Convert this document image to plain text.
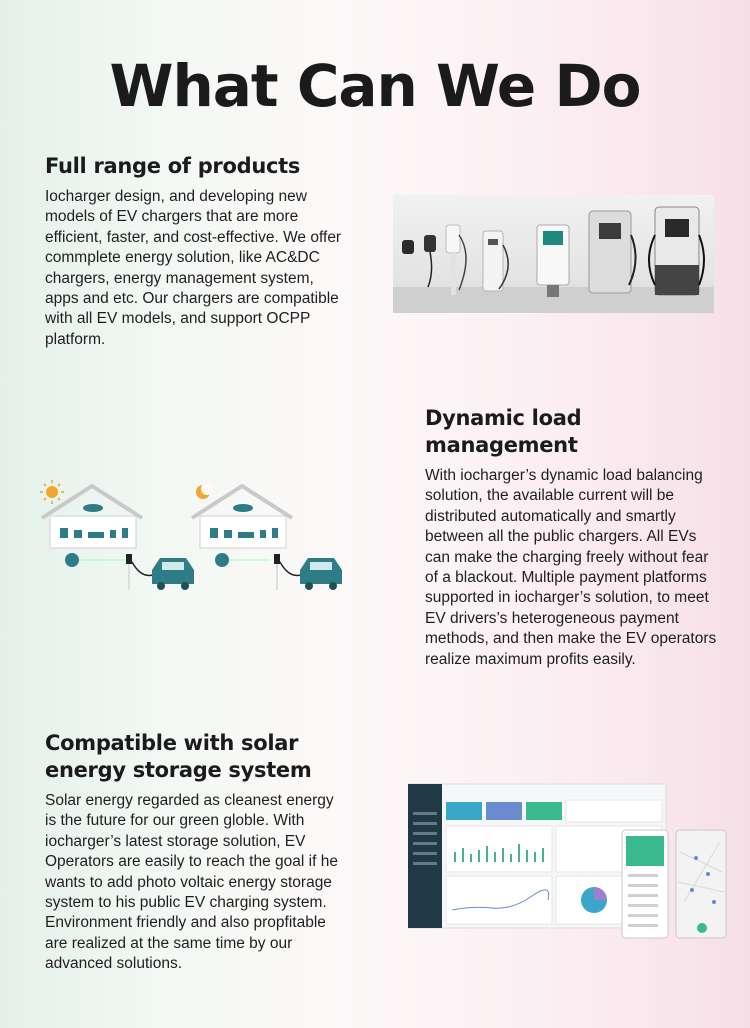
What Can We Do
Full range of products

Iocharger design, and developing new models of EV chargers that are more efficient, faster, and cost-effective. We offer commplete energy solution, like AC&DC chargers, energy management system, apps and etc. Our chargers are compatible with all EV models, and support OCPP platform.

Dynamic load management

With iocharger’s dynamic load balancing solution, the available current will be distributed automatically and smartly between all the public chargers. All EVs can make the charging freely without fear of a blackout. Multiple payment platforms supported in iocharger’s solution, to meet EV drivers’s heterogeneous payment methods, and then make the EV operators realize maximum profits easily.

Compatible with solar energy storage system

Solar energy regarded as cleanest energy is the future for our green globle. With iocharger’s latest storage solution, EV Operators are easily to reach the goal if he wants to add photo voltaic energy storage system to his public EV charging system. Environment friendly and also propfitable are realized at the same time by our advanced solutions.
